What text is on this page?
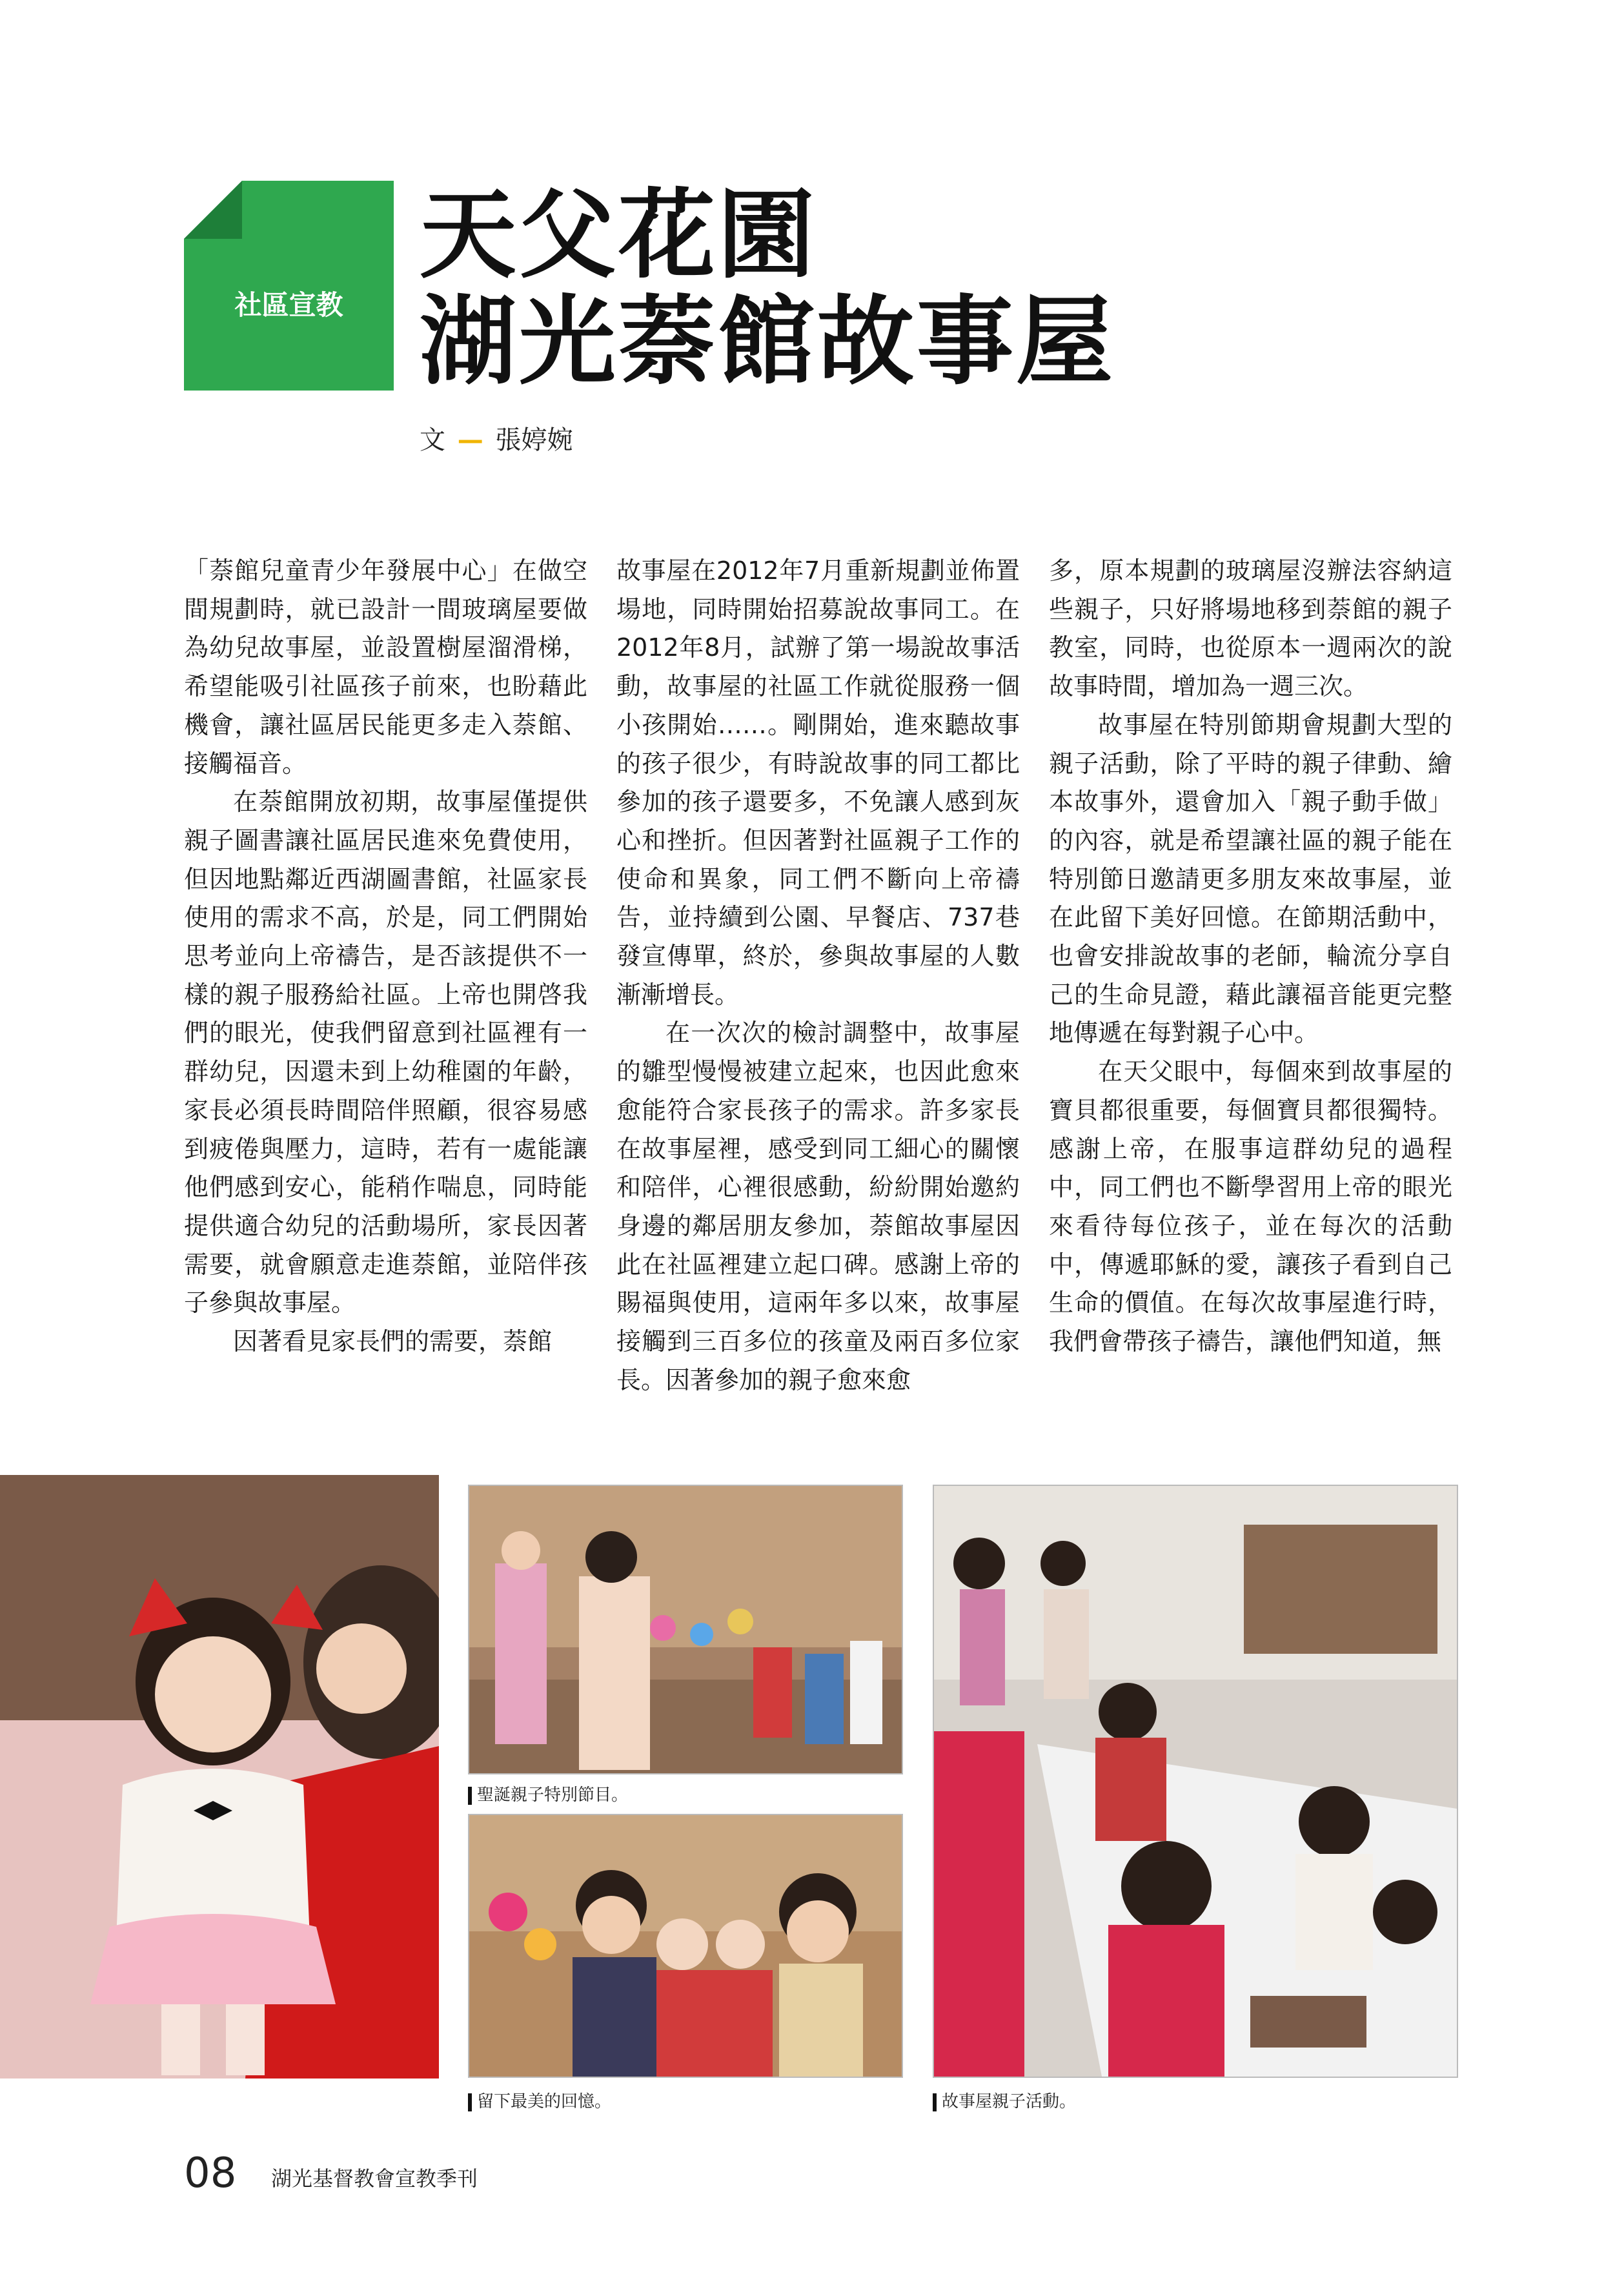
社區宣教
天父花園
湖光萘館故事屋
文 — 張婷婉

「萘館兒童青少年發展中心」在做空間規劃時，就已設計一間玻璃屋要做為幼兒故事屋，並設置樹屋溜滑梯，希望能吸引社區孩子前來，也盼藉此機會，讓社區居民能更多走入萘館、接觸福音。

在萘館開放初期，故事屋僅提供親子圖書讓社區居民進來免費使用，但因地點鄰近西湖圖書館，社區家長使用的需求不高，於是，同工們開始思考並向上帝禱告，是否該提供不一樣的親子服務給社區。上帝也開啓我們的眼光，使我們留意到社區裡有一群幼兒，因還未到上幼稚園的年齡，家長必須長時間陪伴照顧，很容易感到疲倦與壓力，這時，若有一處能讓他們感到安心，能稍作喘息，同時能提供適合幼兒的活動場所，家長因著需要，就會願意走進萘館，並陪伴孩子參與故事屋。

因著看見家長們的需要，萘館

故事屋在2012年7月重新規劃並佈置場地，同時開始招募說故事同工。在2012年8月，試辦了第一場說故事活動，故事屋的社區工作就從服務一個小孩開始……。剛開始，進來聽故事的孩子很少，有時說故事的同工都比參加的孩子還要多，不免讓人感到灰心和挫折。但因著對社區親子工作的使命和異象，同工們不斷向上帝禱告，並持續到公園、早餐店、737巷發宣傳單，終於，參與故事屋的人數漸漸增長。

在一次次的檢討調整中，故事屋的雛型慢慢被建立起來，也因此愈來愈能符合家長孩子的需求。許多家長在故事屋裡，感受到同工細心的關懷和陪伴，心裡很感動，紛紛開始邀約身邊的鄰居朋友參加，萘館故事屋因此在社區裡建立起口碑。感謝上帝的賜福與使用，這兩年多以來，故事屋接觸到三百多位的孩童及兩百多位家長。因著參加的親子愈來愈

多，原本規劃的玻璃屋沒辦法容納這些親子，只好將場地移到萘館的親子教室，同時，也從原本一週兩次的說故事時間，增加為一週三次。

故事屋在特別節期會規劃大型的親子活動，除了平時的親子律動、繪本故事外，還會加入「親子動手做」的內容，就是希望讓社區的親子能在特別節日邀請更多朋友來故事屋，並在此留下美好回憶。在節期活動中，也會安排說故事的老師，輪流分享自己的生命見證，藉此讓福音能更完整地傳遞在每對親子心中。

在天父眼中，每個來到故事屋的寶貝都很重要，每個寶貝都很獨特。感謝上帝，在服事這群幼兒的過程中，同工們也不斷學習用上帝的眼光來看待每位孩子，並在每次的活動中，傳遞耶穌的愛，讓孩子看到自己生命的價值。在每次故事屋進行時，我們會帶孩子禱告，讓他們知道，無

聖誕親子特別節目。
留下最美的回憶。	故事屋親子活動。
08 湖光基督教會宣教季刊
